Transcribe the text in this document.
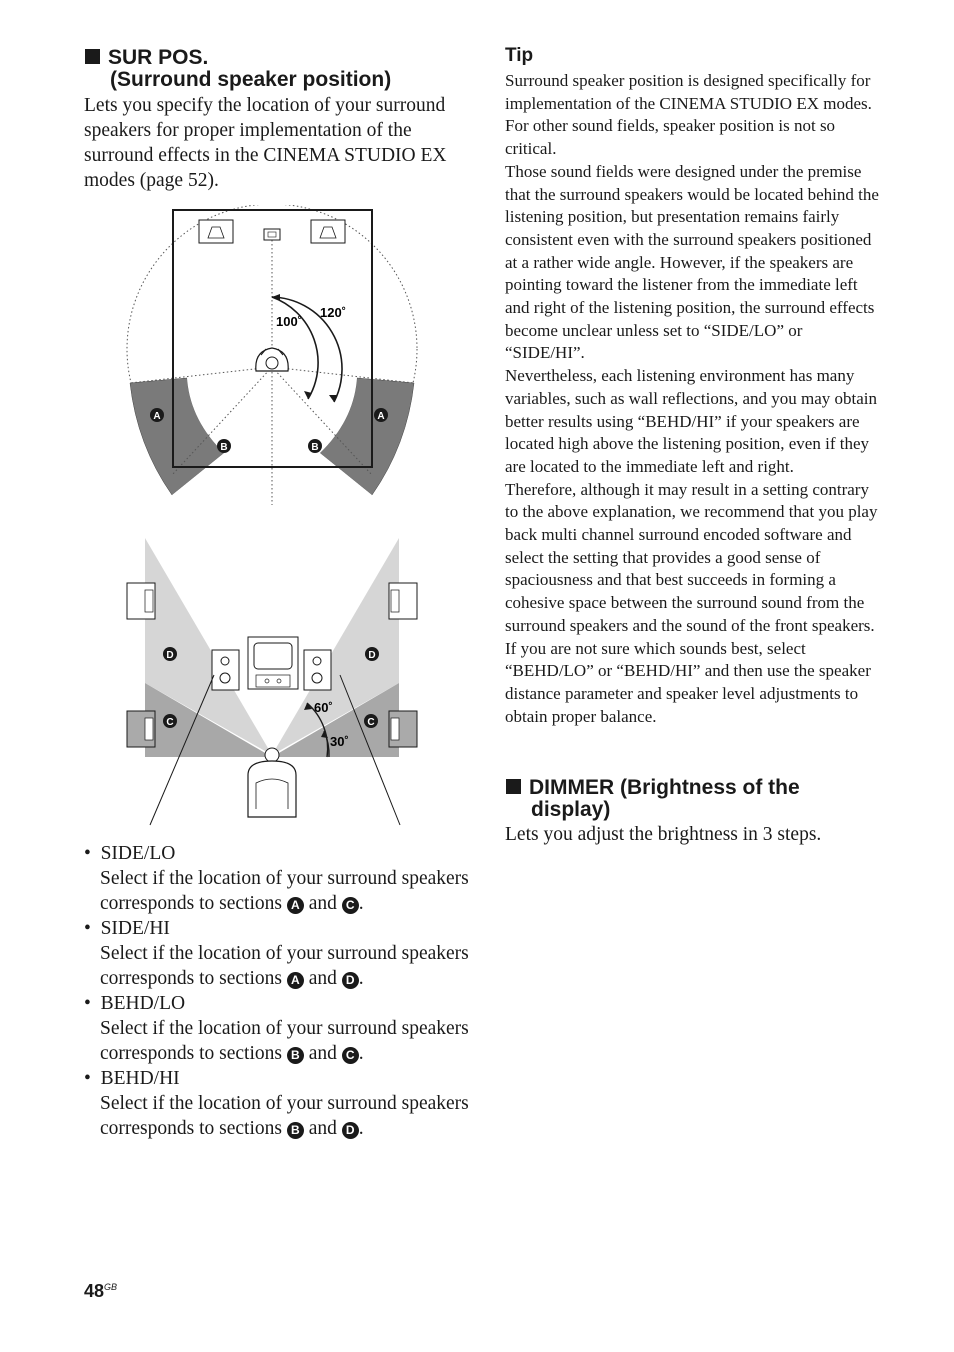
SUR POS.
(Surround speaker position)
Lets you specify the location of your surround speakers for proper implementation of the surround effects in the CINEMA STUDIO EX modes (page 52).
120˚
100˚
A	A
B	B
60˚
30˚
D	D
C	C
•  SIDE/LO
Select if the location of your surround speakers corresponds to sections A and C .
•  SIDE/HI
Select if the location of your surround speakers corresponds to sections A and D .
•  BEHD/LO
Select if the location of your surround speakers corresponds to sections B and C .
•  BEHD/HI
Select if the location of your surround speakers corresponds to sections B and D .
Tip

Surround speaker position is designed specifically for implementation of the CINEMA STUDIO EX modes. For other sound fields, speaker position is not so critical.

Those sound fields were designed under the premise that the surround speakers would be located behind the listening position, but presentation remains fairly consistent even with the surround speakers positioned at a rather wide angle. However, if the speakers are pointing toward the listener from the immediate left and right of the listening position, the surround effects become unclear unless set to “SIDE/LO” or “SIDE/HI”.

Nevertheless, each listening environment has many variables, such as wall reflections, and you may obtain better results using “BEHD/HI” if your speakers are located high above the listening position, even if they are located to the immediate left and right.

Therefore, although it may result in a setting contrary to the above explanation, we recommend that you play back multi channel surround encoded software and select the setting that provides a good sense of spaciousness and that best succeeds in forming a cohesive space between the surround sound from the surround speakers and the sound of the front speakers. If you are not sure which sounds best, select “BEHD/LO” or “BEHD/HI” and then use the speaker distance parameter and speaker level adjustments to obtain proper balance.

DIMMER (Brightness of the
display)
Lets you adjust the brightness in 3 steps.
$48^{GB}$
